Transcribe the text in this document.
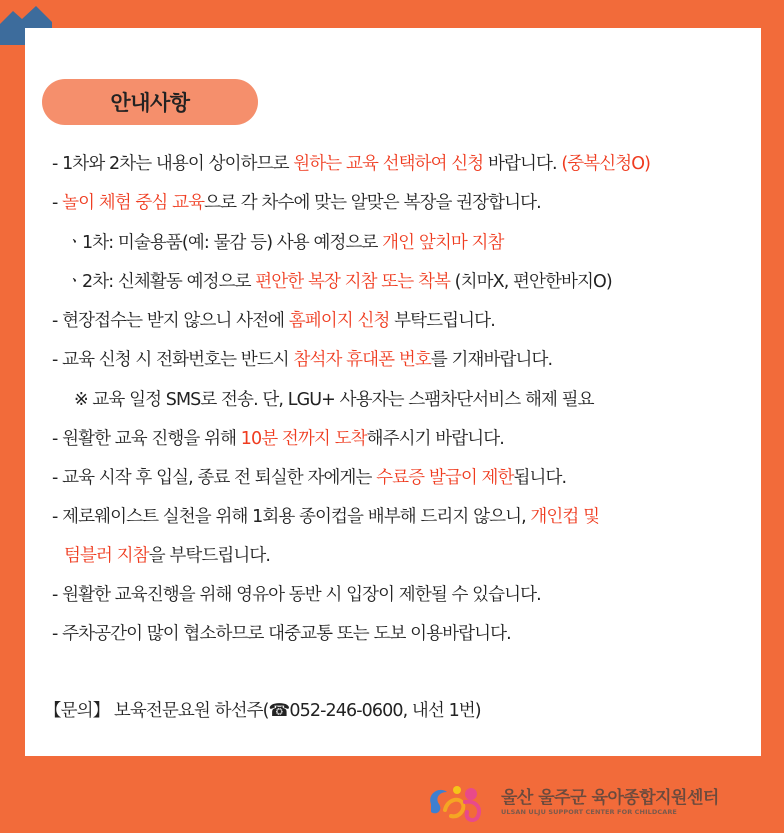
안내사항
- 1차와 2차는 내용이 상이하므로 원하는 교육 선택하여 신청 바랍니다. (중복신청O)
- 놀이 체험 중심 교육으로 각 차수에 맞는 알맞은 복장을 권장합니다.
ㆍ1차: 미술용품(예: 물감 등) 사용 예정으로 개인 앞치마 지참
ㆍ2차: 신체활동 예정으로 편안한 복장 지참 또는 착복 (치마X, 편안한바지O)
- 현장접수는 받지 않으니 사전에 홈페이지 신청 부탁드립니다.
- 교육 신청 시 전화번호는 반드시 참석자 휴대폰 번호를 기재바랍니다.
※ 교육 일정 SMS로 전송. 단, LGU+ 사용자는 스팸차단서비스 해제 필요
- 원활한 교육 진행을 위해 10분 전까지 도착해주시기 바랍니다.
- 교육 시작 후 입실, 종료 전 퇴실한 자에게는 수료증 발급이 제한됩니다.
- 제로웨이스트 실천을 위해 1회용 종이컵을 배부해 드리지 않으니, 개인컵 및
텀블러 지참을 부탁드립니다.
- 원활한 교육진행을 위해 영유아 동반 시 입장이 제한될 수 있습니다.
- 주차공간이 많이 협소하므로 대중교통 또는 도보 이용바랍니다.
【문의】 보육전문요원 하선주(☎052-246-0600, 내선 1번)
울산 울주군 육아종합지원센터
ULSAN ULJU SUPPORT CENTER FOR CHILDCARE
